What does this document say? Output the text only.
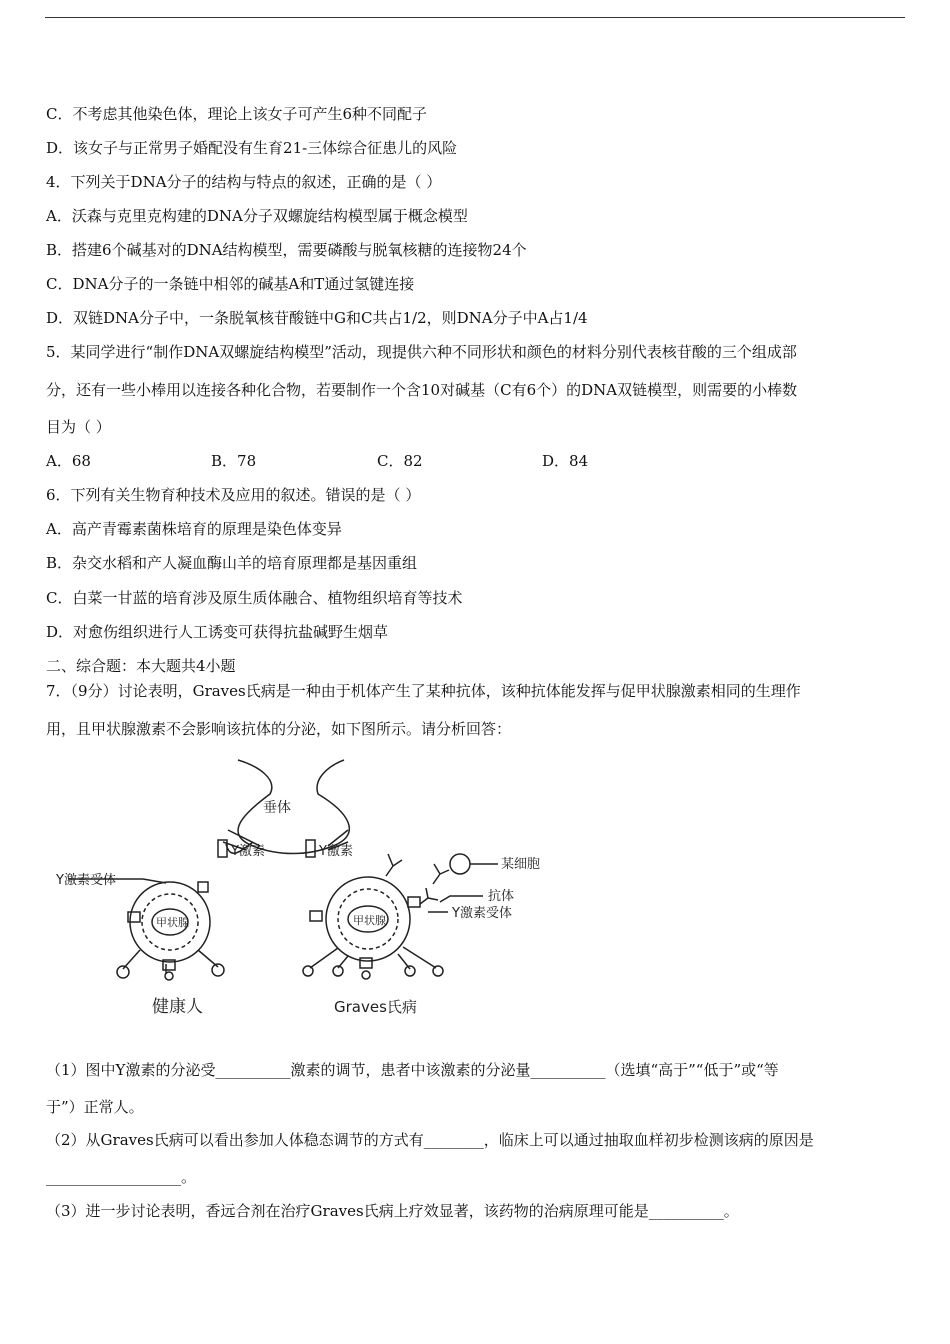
C．不考虑其他染色体，理论上该女子可产生6种不同配子
D．该女子与正常男子婚配没有生育21-三体综合征患儿的风险
4．下列关于DNA分子的结构与特点的叙述，正确的是（ ）
A．沃森与克里克构建的DNA分子双螺旋结构模型属于概念模型
B．搭建6个碱基对的DNA结构模型，需要磷酸与脱氧核糖的连接物24个
C．DNA分子的一条链中相邻的碱基A和T通过氢键连接
D．双链DNA分子中，一条脱氧核苷酸链中G和C共占1/2，则DNA分子中A占1/4
5．某同学进行“制作DNA双螺旋结构模型”活动，现提供六种不同形状和颜色的材料分别代表核苷酸的三个组成部
分，还有一些小棒用以连接各种化合物，若要制作一个含10对碱基（C有6个）的DNA双链模型，则需要的小棒数
目为（ ）
A．68	B．78	C．82	D．84
6．下列有关生物育种技术及应用的叙述。错误的是（ ）
A．高产青霉素菌株培育的原理是染色体变异
B．杂交水稻和产人凝血酶山羊的培育原理都是基因重组
C．白菜一甘蓝的培育涉及原生质体融合、植物组织培育等技术
D．对愈伤组织进行人工诱变可获得抗盐碱野生烟草
二、综合题：本大题共4小题
7．（9分）讨论表明，Graves氏病是一种由于机体产生了某种抗体，该种抗体能发挥与促甲状腺激素相同的生理作
用，且甲状腺激素不会影响该抗体的分泌，如下图所示。请分析回答：
垂体
Y激素	Y激素
Y激素受体
甲状腺
某细胞
抗体
Y激素受体
甲状腺
健康人	Graves氏病
（1）图中Y激素的分泌受__________激素的调节，患者中该激素的分泌量__________（选填“高于”“低于”或“等
于”）正常人。
（2）从Graves氏病可以看出参加人体稳态调节的方式有________，临床上可以通过抽取血样初步检测该病的原因是
__________________。
（3）进一步讨论表明，香远合剂在治疗Graves氏病上疗效显著，该药物的治病原理可能是__________。
